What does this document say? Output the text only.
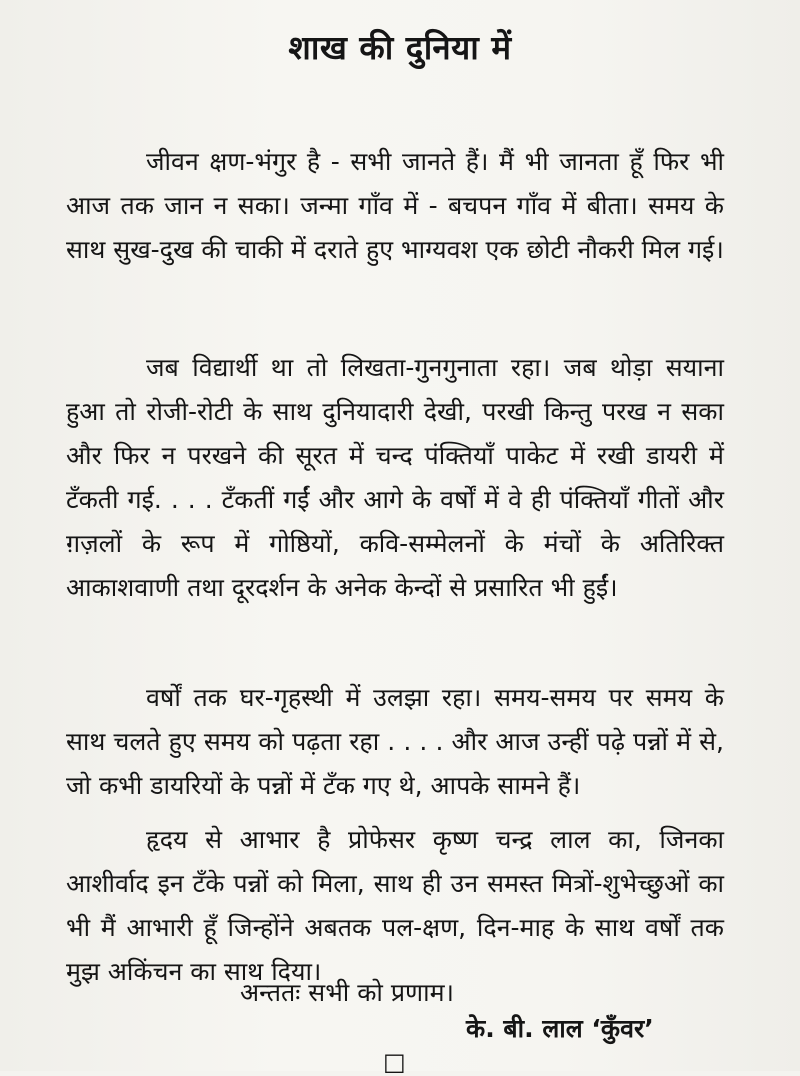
शाख की दुनिया में

जीवन क्षण-भंगुर है - सभी जानते हैं। मैं भी जानता हूँ फिर भी आज तक जान न सका। जन्मा गाँव में - बचपन गाँव में बीता। समय के साथ सुख-दुख की चाकी में दराते हुए भाग्यवश एक छोटी नौकरी मिल गई।

जब विद्यार्थी था तो लिखता-गुनगुनाता रहा। जब थोड़ा सयाना हुआ तो रोजी-रोटी के साथ दुनियादारी देखी, परखी किन्तु परख न सका और फिर न परखने की सूरत में चन्द पंक्तियाँ पाकेट में रखी डायरी में टँकती गई. . . . टँकतीं गईं और आगे के वर्षों में वे ही पंक्तियाँ गीतों और ग़ज़लों के रूप में गोष्ठियों, कवि-सम्मेलनों के मंचों के अतिरिक्त आकाशवाणी तथा दूरदर्शन के अनेक केन्दों से प्रसारित भी हुईं।

वर्षों तक घर-गृहस्थी में उलझा रहा। समय-समय पर समय के साथ चलते हुए समय को पढ़ता रहा . . . . और आज उन्हीं पढ़े पन्नों में से, जो कभी डायरियों के पन्नों में टँक गए थे, आपके सामने हैं।

हृदय से आभार है प्रोफेसर कृष्ण चन्द्र लाल का, जिनका आशीर्वाद इन टँके पन्नों को मिला, साथ ही उन समस्त मित्रों-शुभेच्छुओं का भी मैं आभारी हूँ जिन्होंने अबतक पल-क्षण, दिन-माह के साथ वर्षों तक मुझ अकिंचन का साथ दिया।

अन्ततः सभी को प्रणाम।
के. बी. लाल ‘कुँवर’
□
